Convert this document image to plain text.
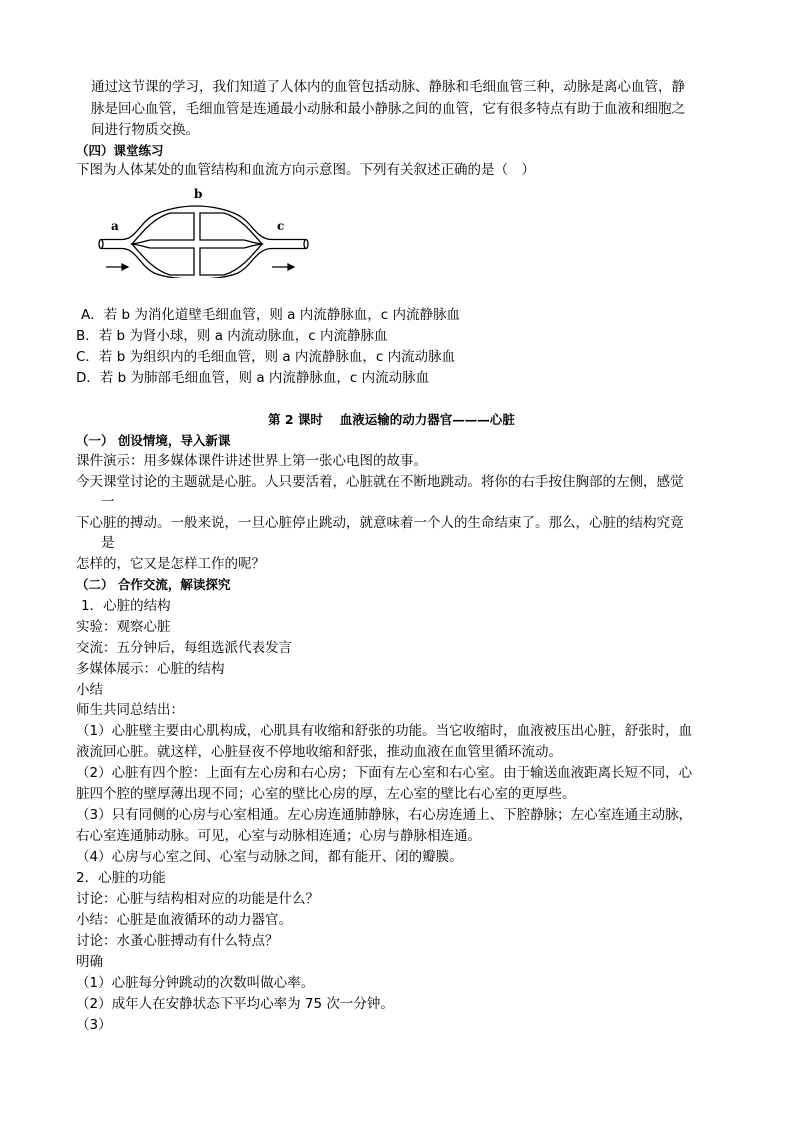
通过这节课的学习，我们知道了人体内的血管包括动脉、静脉和毛细血管三种，动脉是离心血管，静
脉是回心血管，毛细血管是连通最小动脉和最小静脉之间的血管，它有很多特点有助于血液和细胞之
间进行物质交换。
（四）课堂练习
下图为人体某处的血管结构和血流方向示意图。下列有关叙述正确的是（　）
b
a	c
A．若 b 为消化道壁毛细血管，则 a 内流静脉血，c 内流静脉血
B．若 b 为肾小球，则 a 内流动脉血，c 内流静脉血
C．若 b 为组织内的毛细血管，则 a 内流静脉血，c 内流动脉血
D．若 b 为肺部毛细血管，则 a 内流静脉血，c 内流动脉血
第 2 课时　 血液运输的动力器官———心脏
（一） 创设情境，导入新课
课件演示：用多媒体课件讲述世界上第一张心电图的故事。
今天课堂讨论的主题就是心脏。人只要活着，心脏就在不断地跳动。将你的右手按住胸部的左侧，感觉
一
下心脏的搏动。一般来说，一旦心脏停止跳动，就意味着一个人的生命结束了。那么，心脏的结构究竟
是
怎样的，它又是怎样工作的呢？
（二） 合作交流，解读探究
1．心脏的结构
实验：观察心脏
交流：五分钟后，每组选派代表发言
多媒体展示：心脏的结构
小结
师生共同总结出：
（1）心脏壁主要由心肌构成，心肌具有收缩和舒张的功能。当它收缩时，血液被压出心脏，舒张时，血
液流回心脏。就这样，心脏昼夜不停地收缩和舒张，推动血液在血管里循环流动。
（2）心脏有四个腔：上面有左心房和右心房；下面有左心室和右心室。由于输送血液距离长短不同，心
脏四个腔的壁厚薄出现不同；心室的壁比心房的厚，左心室的壁比右心室的更厚些。
（3）只有同侧的心房与心室相通。左心房连通肺静脉，右心房连通上、下腔静脉；左心室连通主动脉，
右心室连通肺动脉。可见，心室与动脉相连通；心房与静脉相连通。
（4）心房与心室之间、心室与动脉之间，都有能开、闭的瓣膜。
2．心脏的功能
讨论：心脏与结构相对应的功能是什么？
小结：心脏是血液循环的动力器官。
讨论：水蚤心脏搏动有什么特点？
明确
（1）心脏每分钟跳动的次数叫做心率。
（2）成年人在安静状态下平均心率为 75 次一分钟。
（3）
